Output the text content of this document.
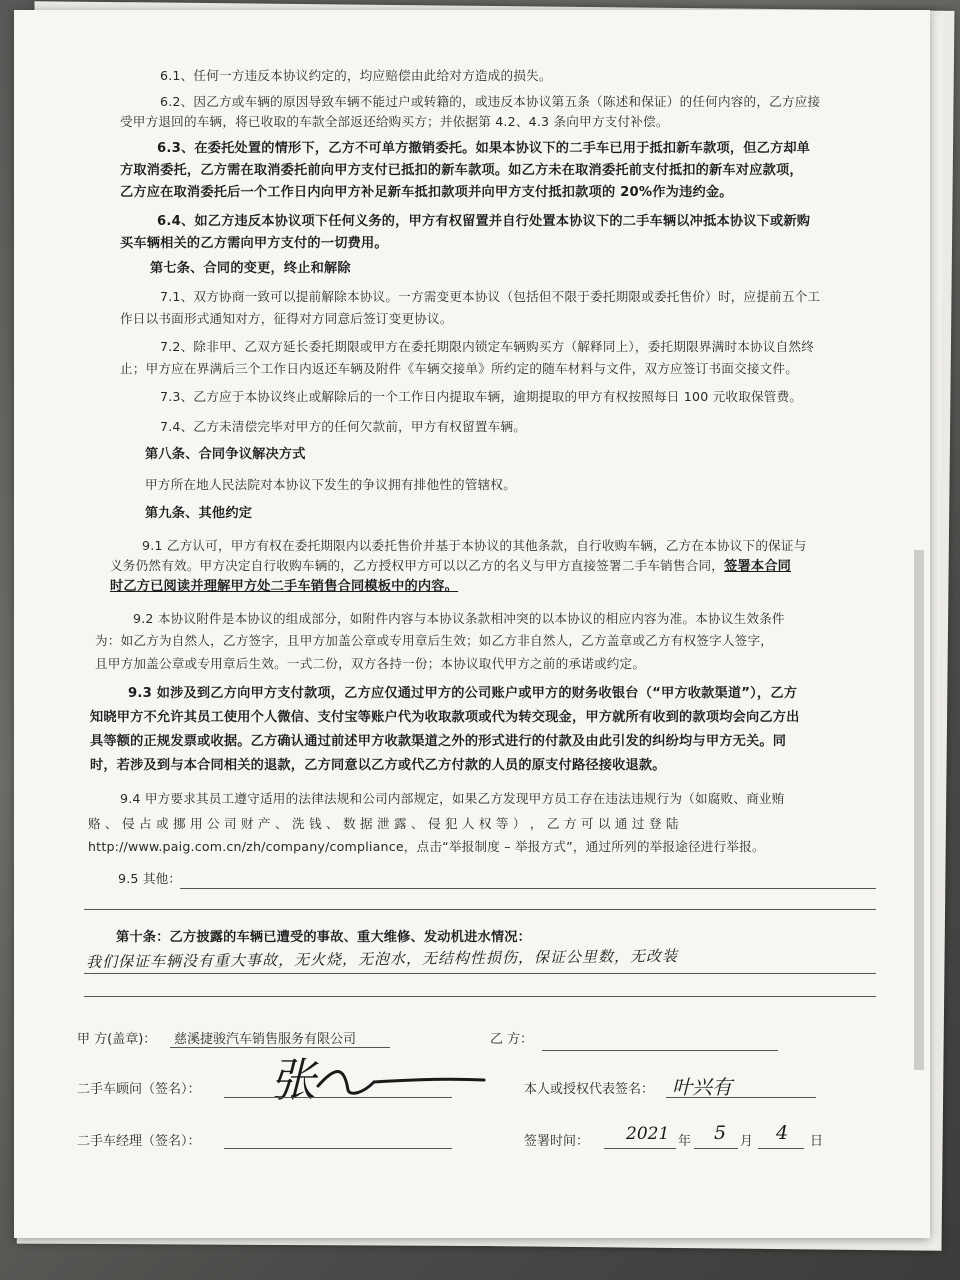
6.1、任何一方违反本协议约定的，均应赔偿由此给对方造成的损失。
6.2、因乙方或车辆的原因导致车辆不能过户或转籍的，或违反本协议第五条（陈述和保证）的任何内容的，乙方应接
受甲方退回的车辆，将已收取的车款全部返还给购买方；并依据第 4.2、4.3 条向甲方支付补偿。
6.3、在委托处置的情形下，乙方不可单方撤销委托。如果本协议下的二手车已用于抵扣新车款项，但乙方却单
方取消委托，乙方需在取消委托前向甲方支付已抵扣的新车款项。如乙方未在取消委托前支付抵扣的新车对应款项，
乙方应在取消委托后一个工作日内向甲方补足新车抵扣款项并向甲方支付抵扣款项的 20%作为违约金。
6.4、如乙方违反本协议项下任何义务的，甲方有权留置并自行处置本协议下的二手车辆以冲抵本协议下或新购
买车辆相关的乙方需向甲方支付的一切费用。
第七条、合同的变更，终止和解除
7.1、双方协商一致可以提前解除本协议。一方需变更本协议（包括但不限于委托期限或委托售价）时，应提前五个工
作日以书面形式通知对方，征得对方同意后签订变更协议。
7.2、除非甲、乙双方延长委托期限或甲方在委托期限内锁定车辆购买方（解释同上），委托期限界满时本协议自然终
止；甲方应在界满后三个工作日内返还车辆及附件《车辆交接单》所约定的随车材料与文件，双方应签订书面交接文件。
7.3、乙方应于本协议终止或解除后的一个工作日内提取车辆，逾期提取的甲方有权按照每日 100 元收取保管费。
7.4、乙方未清偿完毕对甲方的任何欠款前，甲方有权留置车辆。
第八条、合同争议解决方式
甲方所在地人民法院对本协议下发生的争议拥有排他性的管辖权。
第九条、其他约定
9.1 乙方认可，甲方有权在委托期限内以委托售价并基于本协议的其他条款，自行收购车辆，乙方在本协议下的保证与
义务仍然有效。甲方决定自行收购车辆的，乙方授权甲方可以以乙方的名义与甲方直接签署二手车销售合同，签署本合同
时乙方已阅读并理解甲方处二手车销售合同模板中的内容。
9.2 本协议附件是本协议的组成部分，如附件内容与本协议条款相冲突的以本协议的相应内容为准。本协议生效条件
为：如乙方为自然人，乙方签字，且甲方加盖公章或专用章后生效；如乙方非自然人，乙方盖章或乙方有权签字人签字，
且甲方加盖公章或专用章后生效。一式二份，双方各持一份；本协议取代甲方之前的承诺或约定。
9.3 如涉及到乙方向甲方支付款项，乙方应仅通过甲方的公司账户或甲方的财务收银台（“甲方收款渠道”），乙方
知晓甲方不允许其员工使用个人微信、支付宝等账户代为收取款项或代为转交现金，甲方就所有收到的款项均会向乙方出
具等额的正规发票或收据。乙方确认通过前述甲方收款渠道之外的形式进行的付款及由此引发的纠纷均与甲方无关。同
时，若涉及到与本合同相关的退款，乙方同意以乙方或代乙方付款的人员的原支付路径接收退款。
9.4 甲方要求其员工遵守适用的法律法规和公司内部规定，如果乙方发现甲方员工存在违法违规行为（如腐败、商业贿
赂 、 侵 占 或 挪 用 公 司 财 产 、 洗 钱 、 数 据 泄 露 、 侵 犯 人 权 等 ） ， 乙 方 可 以 通 过 登 陆
http://www.paig.com.cn/zh/company/compliance，点击“举报制度 – 举报方式”，通过所列的举报途径进行举报。
9.5 其他：
第十条：乙方披露的车辆已遭受的事故、重大维修、发动机进水情况：
我们保证车辆没有重大事故，无火烧，无泡水，无结构性损伤，保证公里数，无改装
甲 方(盖章)： 慈溪捷骏汽车销售服务有限公司	乙 方：
二手车顾问（签名）： 张	本人或授权代表签名： 叶兴有
二手车经理（签名）：	签署时间： 2021 年 5 月 4 日
